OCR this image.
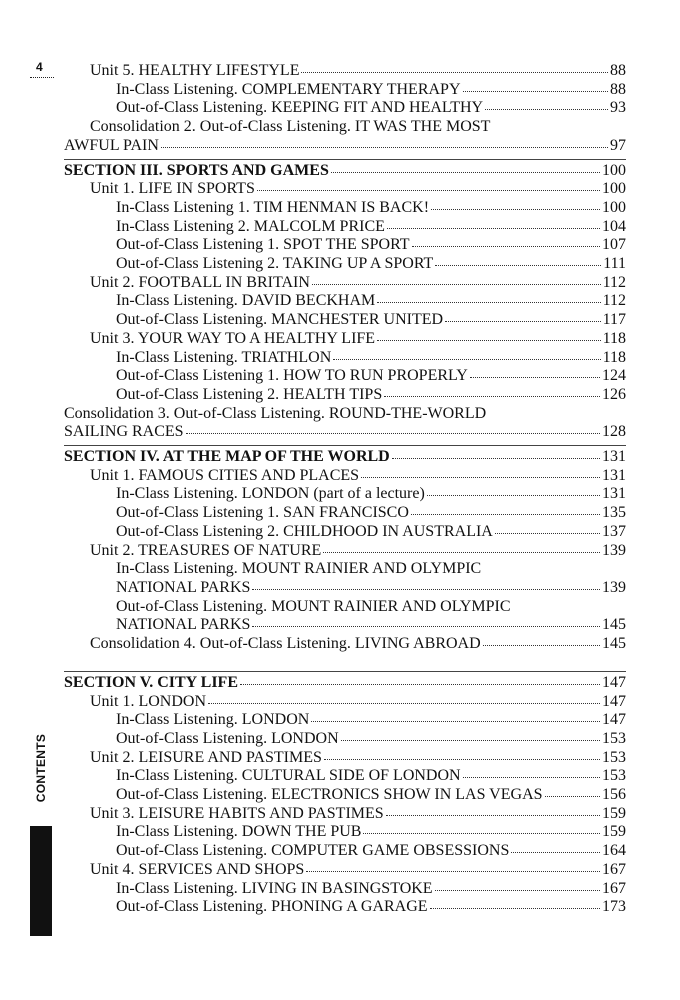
4
CONTENTS
Unit 5. HEALTHY LIFESTYLE	88
In-Class Listening. COMPLEMENTARY THERAPY	88
Out-of-Class Listening. KEEPING FIT AND HEALTHY	93
Consolidation 2. Out-of-Class Listening. IT WAS THE MOST
AWFUL PAIN	97
SECTION III. SPORTS AND GAMES	100
Unit 1. LIFE IN SPORTS	100
In-Class Listening 1. TIM HENMAN IS BACK!	100
In-Class Listening 2. MALCOLM PRICE	104
Out-of-Class Listening 1. SPOT THE SPORT	107
Out-of-Class Listening 2. TAKING UP A SPORT	111
Unit 2. FOOTBALL IN BRITAIN	112
In-Class Listening. DAVID BECKHAM	112
Out-of-Class Listening. MANCHESTER UNITED	117
Unit 3. YOUR WAY TO A HEALTHY LIFE	118
In-Class Listening. TRIATHLON	118
Out-of-Class Listening 1. HOW TO RUN PROPERLY	124
Out-of-Class Listening 2. HEALTH TIPS	126
Consolidation 3. Out-of-Class Listening. ROUND-THE-WORLD
SAILING RACES	128
SECTION IV. AT THE MAP OF THE WORLD	131
Unit 1. FAMOUS CITIES AND PLACES	131
In-Class Listening. LONDON (part of a lecture)	131
Out-of-Class Listening 1. SAN FRANCISCO	135
Out-of-Class Listening 2. CHILDHOOD IN AUSTRALIA	137
Unit 2. TREASURES OF NATURE	139
In-Class Listening. MOUNT RAINIER AND OLYMPIC
NATIONAL PARKS	139
Out-of-Class Listening. MOUNT RAINIER AND OLYMPIC
NATIONAL PARKS	145
Consolidation 4. Out-of-Class Listening. LIVING ABROAD	145
SECTION V. CITY LIFE	147
Unit 1. LONDON	147
In-Class Listening. LONDON	147
Out-of-Class Listening. LONDON	153
Unit 2. LEISURE AND PASTIMES	153
In-Class Listening. CULTURAL SIDE OF LONDON	153
Out-of-Class Listening. ELECTRONICS SHOW IN LAS VEGAS	156
Unit 3. LEISURE HABITS AND PASTIMES	159
In-Class Listening. DOWN THE PUB	159
Out-of-Class Listening. COMPUTER GAME OBSESSIONS	164
Unit 4. SERVICES AND SHOPS	167
In-Class Listening. LIVING IN BASINGSTOKE	167
Out-of-Class Listening. PHONING A GARAGE	173
